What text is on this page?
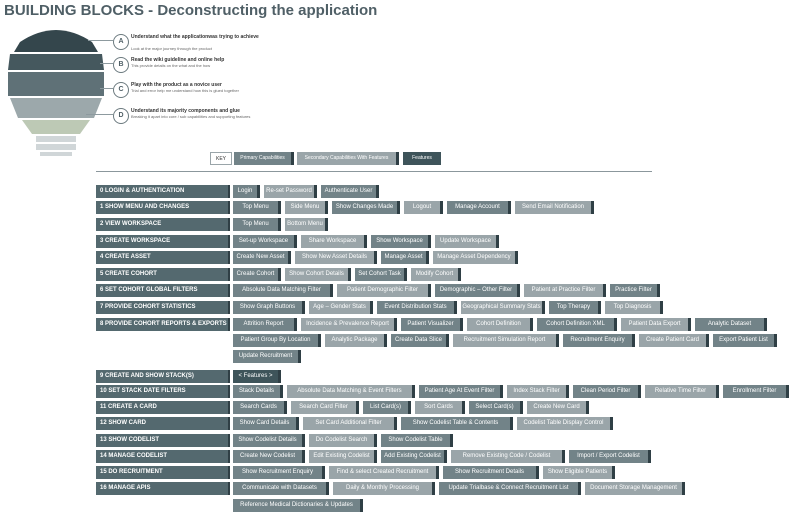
BUILDING BLOCKS - Deconstructing the application
A
Understand what the applicationwas trying to achieve
Look at the major journey through the product
B
Read the wiki guideline and online help
This provide details on the what and the how
C
Play with the product as a novice user
Trial and error help me understand how this is glued together
D
Understand its majority components and glue
Breaking it apart into core / sub capabilities and supporting features
KEY	Primary Capabilities	Secondary Capabilities With Features	Features
0 LOGIN & AUTHENTICATION	Login	Re-set Password	Authenticate User
1 SHOW MENU AND CHANGES	Top Menu	Side Menu	Show Changes Made	Logout	Manage Account	Send Email Notification
2 VIEW WORKSPACE	Top Menu	Bottom Menu
3 CREATE WORKSPACE	Set-up Workspace	Share Workspace	Show Workspace	Update Workspace
4 CREATE ASSET	Create New Asset	Show New Asset Details	Manage Asset	Manage Asset Dependency
5 CREATE COHORT	Create Cohort	Show Cohort Details	Set Cohort Task	Modify Cohort
6 SET COHORT GLOBAL FILTERS	Absolute Data Matching Filter	Patient Demographic Filter	Demographic – Other Filter	Patient at Practice Filter	Practice Filter
7 PROVIDE COHORT STATISTICS	Show Graph Buttons	Age – Gender Stats	Event Distribution Stats	Geographical Summary Stats	Top Therapy	Top Diagnosis
8 PROVIDE COHORT REPORTS & EXPORTS	Attrition Report	Incidence & Prevalence Report	Patient Visualizer	Cohort Definition	Cohort Definition XML	Patient Data Export	Analytic Dataset
Patient Group By Location	Analytic Package	Create Data Slice	Recruitment Simulation Report	Recruitment Enquiry	Create Patient Card	Export Patient List
Update Recruitment
9 CREATE AND SHOW STACK(S)	< Features >
10 SET STACK DATE FILTERS	Stack Details	Absolute Data Matching & Event Filters	Patient Age At Event Filter	Index Stack Filter	Clean Period Filter	Relative Time Filter	Enrollment Filter
11 CREATE A CARD	Search Cards	Search Card Filter	List Card(s)	Sort Cards	Select Card(s)	Create New Card
12 SHOW CARD	Show Card Details	Set Card Additional Filter	Show Codelist Table & Contents	Codelist Table Display Control
13 SHOW CODELIST	Show Codelist Details	Do Codelist Search	Show Codelist Table
14 MANAGE CODELIST	Create New Codelist	Edit Existing Codelist	Add Existing Codelist	Remove Existing Code / Codelist	Import / Export Codelist
15 DO RECRUITMENT	Show Recruitment Enquiry	Find & select Created Recruitment	Show Recruitment Details	Show Eligible Patients
16 MANAGE APIS	Communicate with Datasets	Daily & Monthly Processing	Update Trialbase & Connect Recruitment List	Document Storage Management
Reference Medical Dictionaries & Updates
